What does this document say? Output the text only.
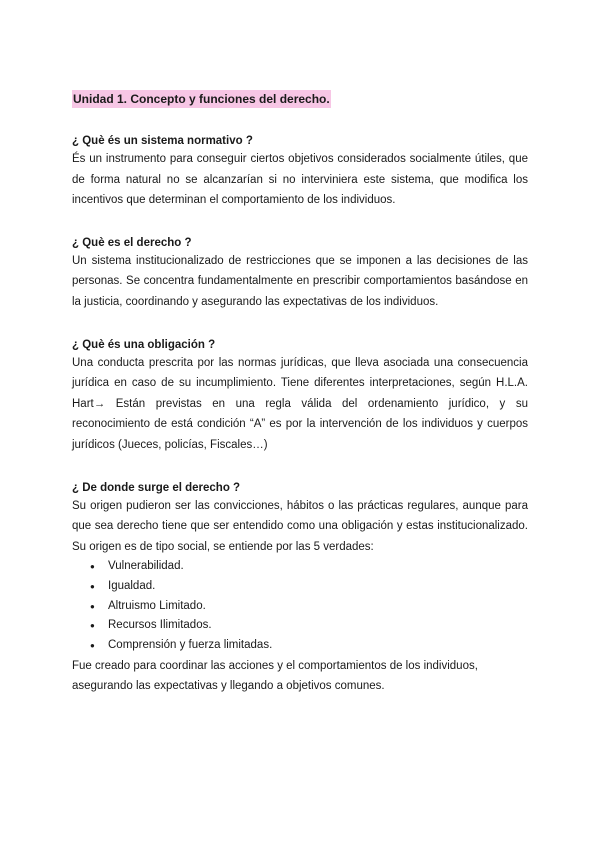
Unidad 1. Concepto y funciones del derecho.
¿ Què és un sistema normativo ?

És un instrumento para conseguir ciertos objetivos considerados socialmente útiles, que de forma natural no se alcanzarían si no interviniera este sistema, que modifica los incentivos que determinan el comportamiento de los individuos.

¿ Què es el derecho ?

Un sistema institucionalizado de restricciones que se imponen a las decisiones de las personas. Se concentra fundamentalmente en prescribir comportamientos basándose en la justicia, coordinando y asegurando las expectativas de los individuos.

¿ Què és una obligación ?

Una conducta prescrita por las normas jurídicas, que lleva asociada una consecuencia jurídica en caso de su incumplimiento. Tiene diferentes interpretaciones, según H.L.A. Hart→ Están previstas en una regla válida del ordenamiento jurídico, y su reconocimiento de está condición “A” es por la intervención de los individuos y cuerpos jurídicos (Jueces, policías, Fiscales…)

¿ De donde surge el derecho ?

Su origen pudieron ser las convicciones, hábitos o las prácticas regulares, aunque para que sea derecho tiene que ser entendido como una obligación y estas institucionalizado. Su origen es de tipo social, se entiende por las 5 verdades:

● Vulnerabilidad.
● Igualdad.
● Altruismo Limitado.
● Recursos Ilimitados.
● Comprensión y fuerza limitadas.

Fue creado para coordinar las acciones y el comportamientos de los individuos, asegurando las expectativas y llegando a objetivos comunes.
